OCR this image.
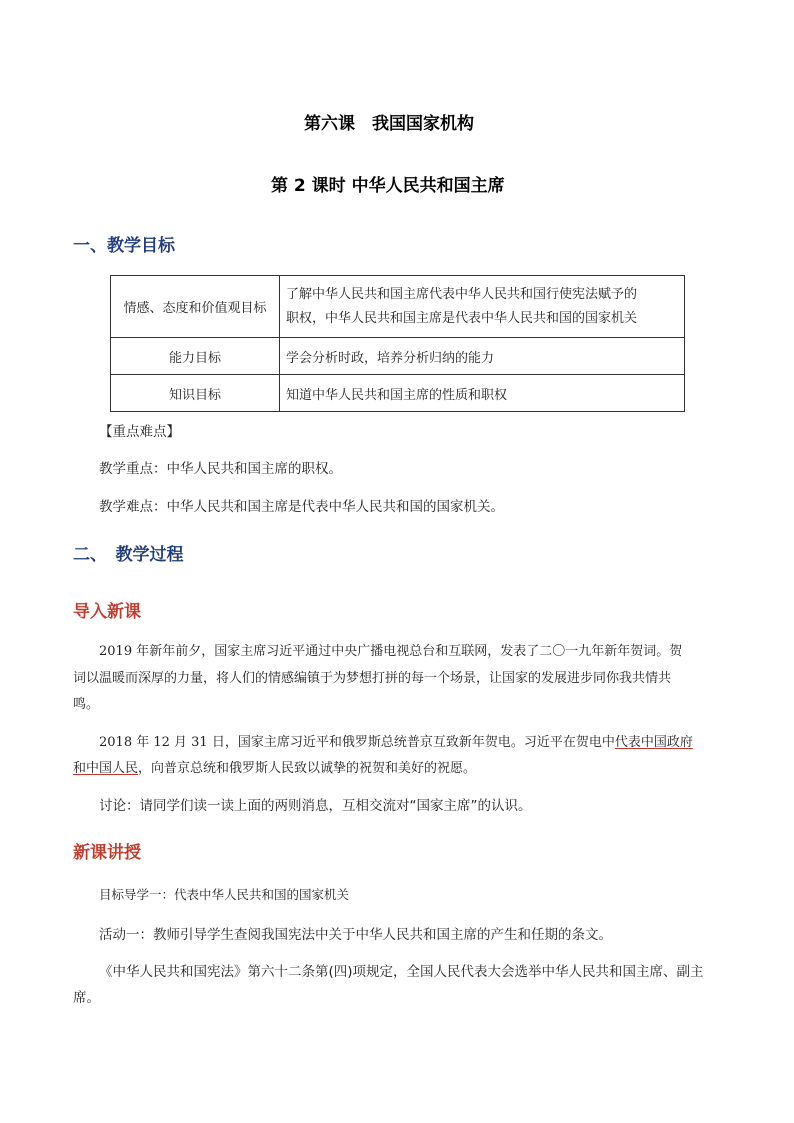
第六课　我国国家机构
第 2 课时 中华人民共和国主席
一、教学目标
情感、态度和价值观目标	了解中华人民共和国主席代表中华人民共和国行使宪法赋予的
职权，中华人民共和国主席是代表中华人民共和国的国家机关

能力目标	学会分析时政，培养分析归纳的能力
知识目标	知道中华人民共和国主席的性质和职权
【重点难点】
教学重点：中华人民共和国主席的职权。
教学难点：中华人民共和国主席是代表中华人民共和国的国家机关。
二、　教学过程
导入新课
2019 年新年前夕，国家主席习近平通过中央广播电视总台和互联网，发表了二〇一九年新年贺词。贺
词以温暖而深厚的力量，将人们的情感编镇于为梦想打拼的每一个场景，让国家的发展进步同你我共情共
鸣。
2018 年 12 月 31 日，国家主席习近平和俄罗斯总统普京互致新年贺电。习近平在贺电中代表中国政府
和中国人民，向普京总统和俄罗斯人民致以诚挚的祝贺和美好的祝愿。
讨论：请同学们读一读上面的两则消息，互相交流对“国家主席”的认识。
新课讲授
目标导学一：代表中华人民共和国的国家机关
活动一：教师引导学生查阅我国宪法中关于中华人民共和国主席的产生和任期的条文。
《中华人民共和国宪法》第六十二条第(四)项规定，全国人民代表大会选举中华人民共和国主席、副主
席。
